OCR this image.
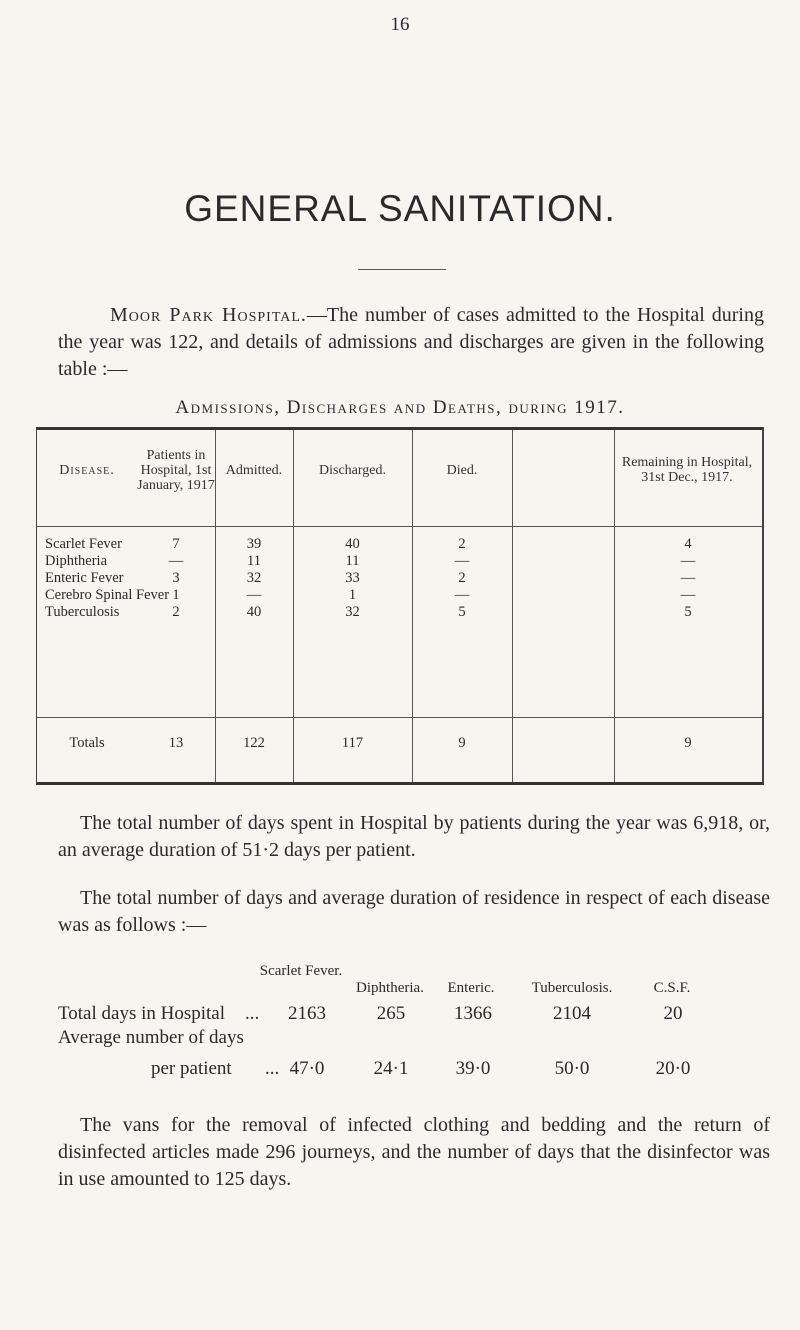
16
GENERAL SANITATION.
Moor Park Hospital.—The number of cases admitted to the Hospital during the year was 122, and details of admissions and discharges are given in the following table :—
Admissions, Discharges and Deaths, during 1917.
Disease.
Patients in Hospital, 1st January, 1917
Admitted.	Discharged.	Died.	Remaining in Hospital, 31st Dec., 1917.
Scarlet Fever	7	39	40	2	4
Diphtheria	—	11	11	—	—
Enteric Fever	3	32	33	2	—
Cerebro Spinal Fever 1	—	1	—	—
Tuberculosis	2	40	32	5	5
Totals	13	122	117	9	9
The total number of days spent in Hospital by patients during the year was 6,918, or, an average duration of 51·2 days per patient.
The total number of days and average duration of residence in respect of each disease was as follows :—
Scarlet Fever.
Diphtheria.	Enteric.	Tuberculosis.	C.S.F.
Total days in Hospital ...	2163	265	1366	2104	20
Average number of days
per patient ... 47·0	24·1	39·0	50·0	20·0
The vans for the removal of infected clothing and bedding and the return of disinfected articles made 296 journeys, and the number of days that the disinfector was in use amounted to 125 days.
